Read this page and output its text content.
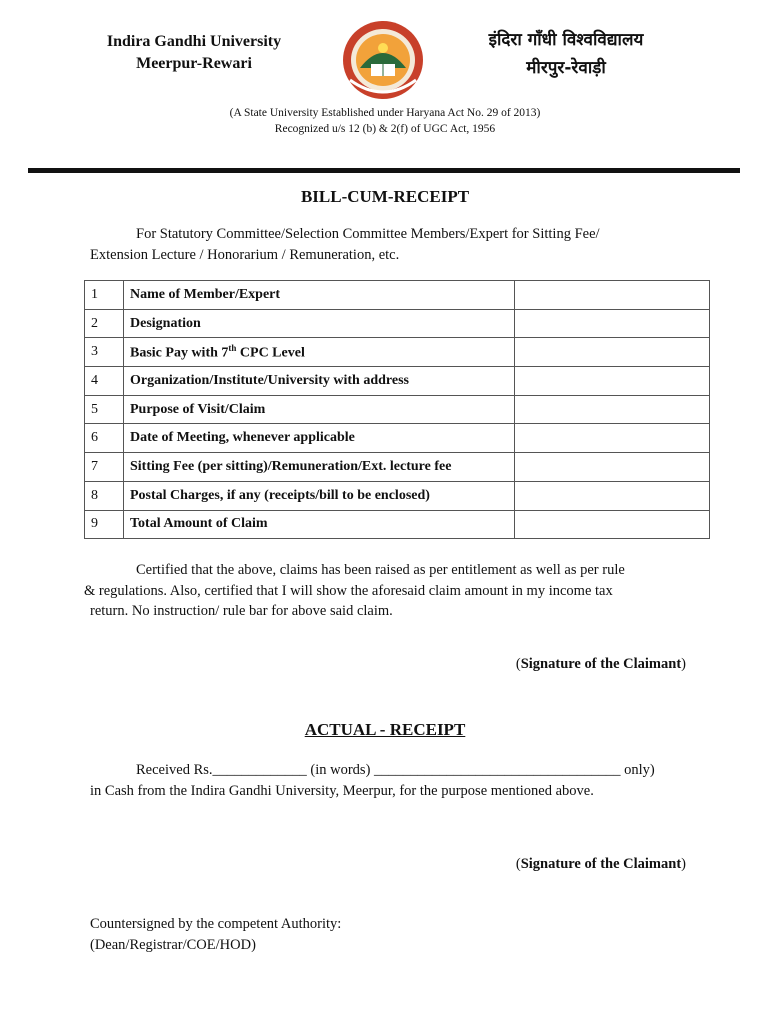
Indira Gandhi University
Meerpur-Rewari
इंदिरा गाँधी विश्वविद्यालय
मीरपुर-रेवाड़ी
(A State University Established under Haryana Act No. 29 of 2013)
Recognized u/s 12 (b) & 2(f) of UGC Act, 1956
BILL-CUM-RECEIPT
For Statutory Committee/Selection Committee Members/Expert for Sitting Fee/
Extension Lecture / Honorarium / Remuneration, etc.
1	Name of Member/Expert	
2	Designation	
3	Basic Pay with 7th CPC Level	
4	Organization/Institute/University with address	
5	Purpose of Visit/Claim	
6	Date of Meeting, whenever applicable	
7	Sitting Fee (per sitting)/Remuneration/Ext. lecture fee	
8	Postal Charges, if any (receipts/bill to be enclosed)	
9	Total Amount of Claim	
Certified that the above, claims has been raised as per entitlement as well as per rule
& regulations. Also, certified that I will show the aforesaid claim amount in my income tax
return. No instruction/ rule bar for above said claim.
(Signature of the Claimant)
ACTUAL - RECEIPT
Received Rs._____________ (in words) __________________________________ only)
in Cash from the Indira Gandhi University, Meerpur, for the purpose mentioned above.
(Signature of the Claimant)
Countersigned by the competent Authority:
(Dean/Registrar/COE/HOD)
